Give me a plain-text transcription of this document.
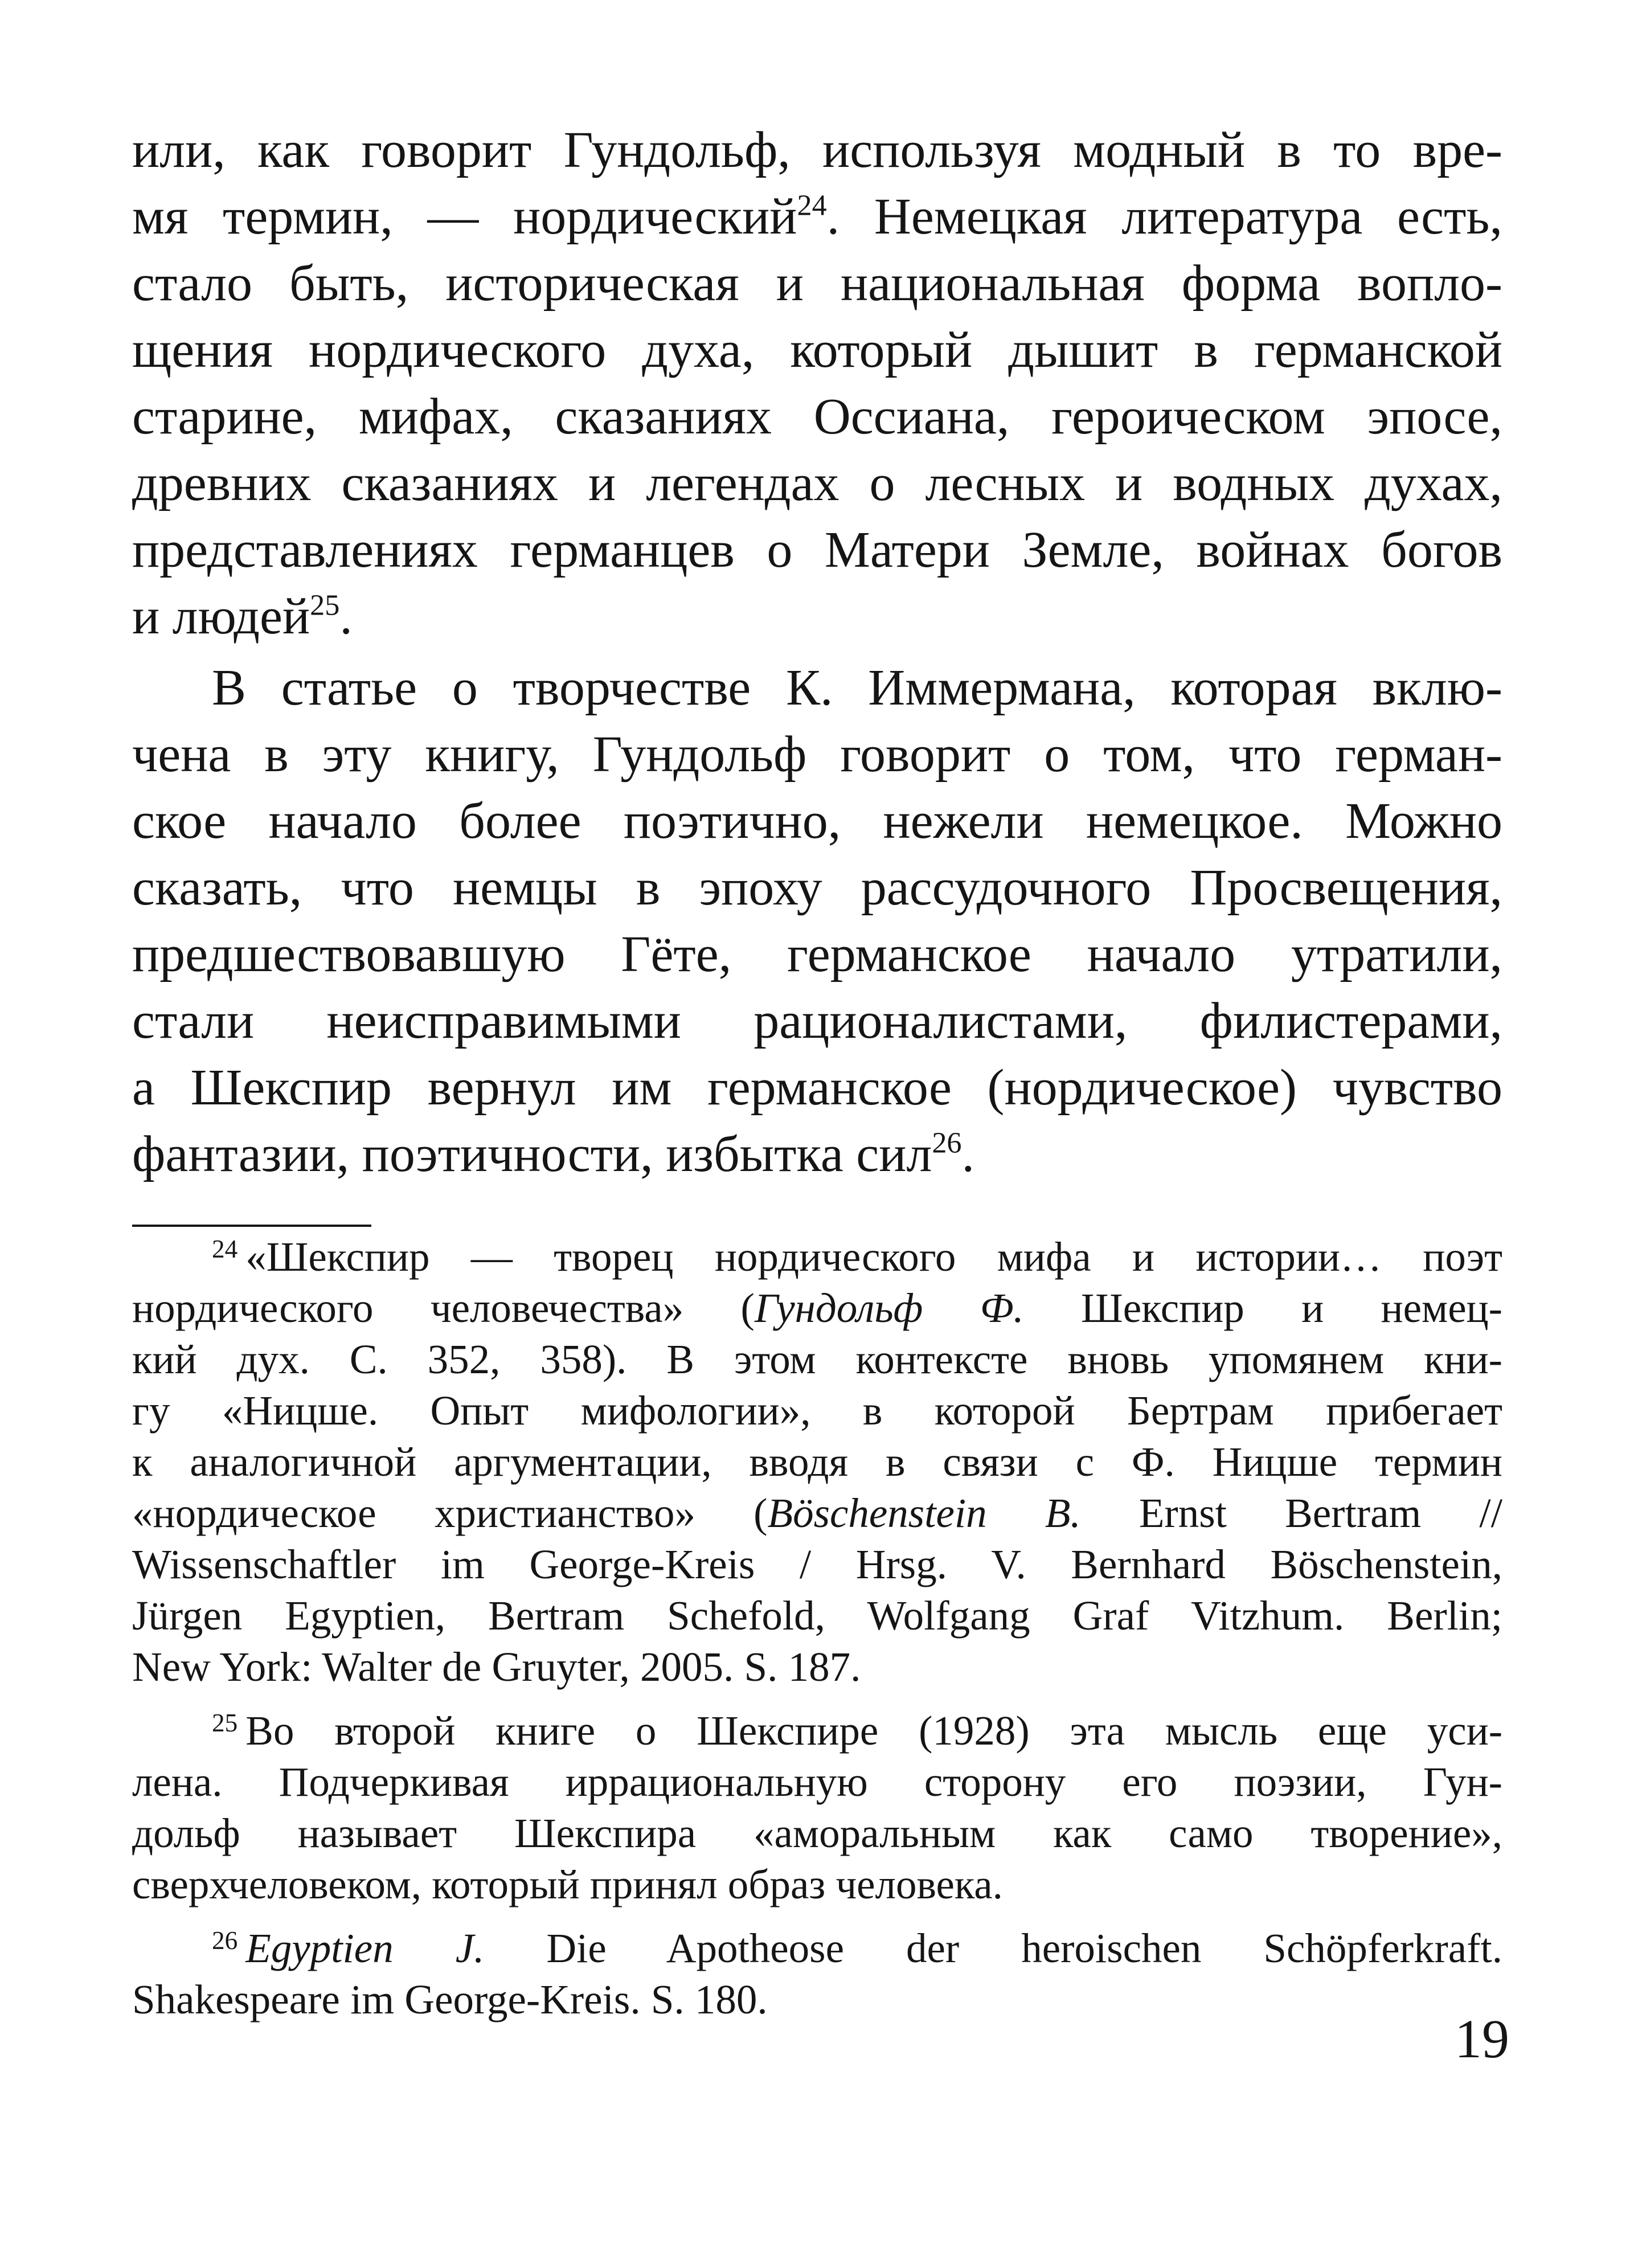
или, как говорит Гундольф, используя модный в то вре-
мя термин, — нордический$^{24}$. Немецкая литература есть,
стало быть, историческая и национальная форма вопло-
щения нордического духа, который дышит в германской
старине, мифах, сказаниях Оссиана, героическом эпосе,
древних сказаниях и легендах о лесных и водных духах,
представлениях германцев о Матери Земле, войнах богов
и людей$^{25}$.
В статье о творчестве К. Иммермана, которая вклю-
чена в эту книгу, Гундольф говорит о том, что герман-
ское начало более поэтично, нежели немецкое. Можно
сказать, что немцы в эпоху рассудочного Просвещения,
предшествовавшую Гёте, германское начало утратили,
стали неисправимыми рационалистами, филистерами,
а Шекспир вернул им германское (нордическое) чувство
фантазии, поэтичности, избытка сил$^{26}$.
$^{24}$ «Шекспир — творец нордического мифа и истории… поэт
нордического человечества» (Гундольф Ф. Шекспир и немец-
кий дух. С. 352, 358). В этом контексте вновь упомянем кни-
гу «Ницше. Опыт мифологии», в которой Бертрам прибегает
к аналогичной аргументации, вводя в связи с Ф. Ницше термин
«нордическое христианство» (Böschenstein B. Ernst Bertram //
Wissenschaftler im George-Kreis / Hrsg. V. Bernhard Böschenstein,
Jürgen Egyptien, Bertram Schefold, Wolfgang Graf Vitzhum. Berlin;
New York: Walter de Gruyter, 2005. S. 187.
$^{25}$ Во второй книге о Шекспире (1928) эта мысль еще уси-
лена. Подчеркивая иррациональную сторону его поэзии, Гун-
дольф называет Шекспира «аморальным как само творение»,
сверхчеловеком, который принял образ человека.
$^{26}$ Egyptien J. Die Apotheose der heroischen Schöpferkraft.
Shakespeare im George-Kreis. S. 180.
19
